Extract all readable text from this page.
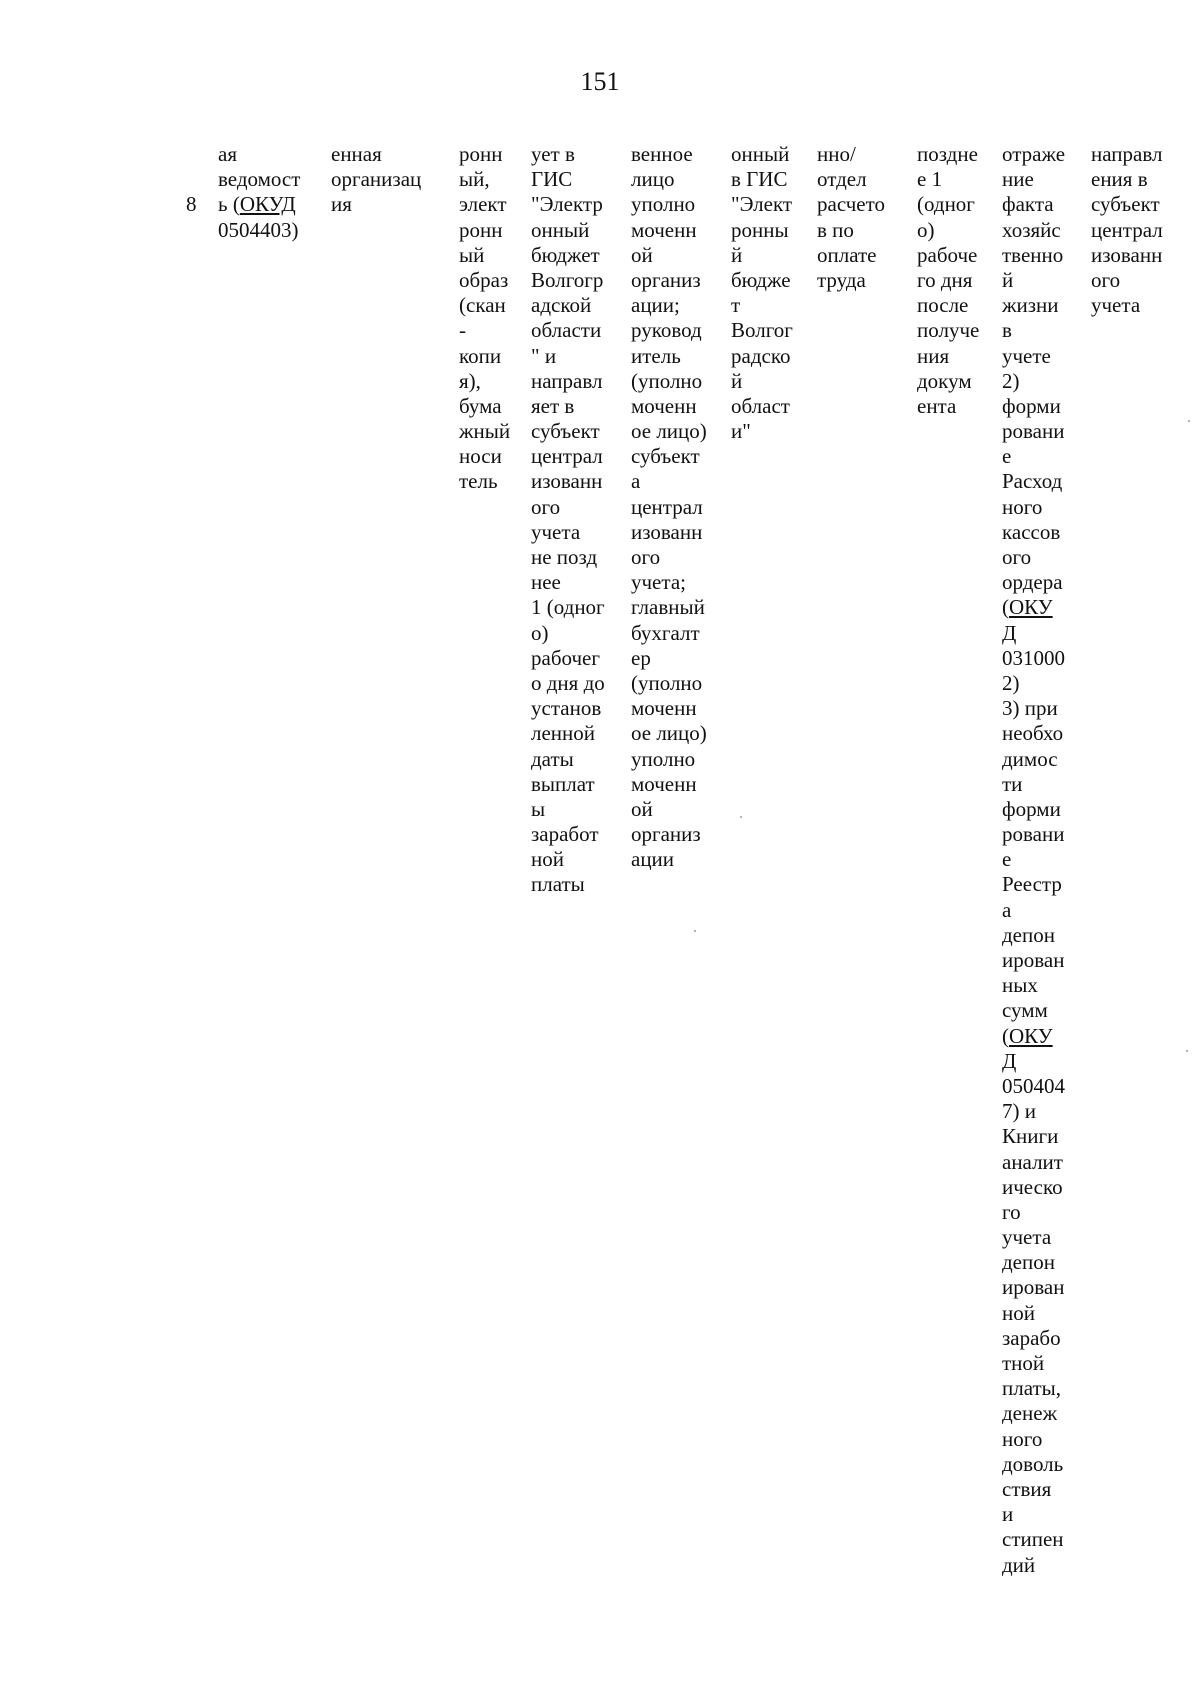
151

8

ая
ведомост
ь (ОКУД
0504403)
енная
организац
ия
ронн
ый,
элект
ронн
ый
образ
(скан
-
копи
я),
бума
жный
носи
тель
ует в
ГИС
"Электр
онный
бюджет
Волгогр
адской
области
" и
направл
яет в
субъект
централ
изованн
ого
учета
не позд
нее
1 (одног
о)
рабочег
о дня до
установ
ленной
даты
выплат
ы
заработ
ной
платы
венное
лицо
уполно
моченн
ой
организ
ации;
руковод
итель
(уполно
моченн
ое лицо)
субъект
а
централ
изованн
ого
учета;
главный
бухгалт
ер
(уполно
моченн
ое лицо)
уполно
моченн
ой
организ
ации
онный
в ГИС
"Элект
ронны
й
бюдже
т
Волгог
радско
й
област
и"
нно/
отдел
расчето
в по
оплате
труда
поздне
е 1
(одног
о)
рабоче
го дня
после
получе
ния
докум
ента
отраже
ние
факта
хозяйс
твенно
й
жизни
в
учете
2)
форми
ровани
е
Расход
ного
кассов
ого
ордера
(ОКУ
Д
031000
2)
3) при
необхо
димос
ти
форми
ровани
е
Реестр
а
депон
ирован
ных
сумм
(ОКУ
Д
050404
7) и
Книги
аналит
ическо
го
учета
депон
ирован
ной
зарабо
тной
платы,
денеж
ного
доволь
ствия
и
стипен
дий
направл
ения в
субъект
централ
изованн
ого
учета
